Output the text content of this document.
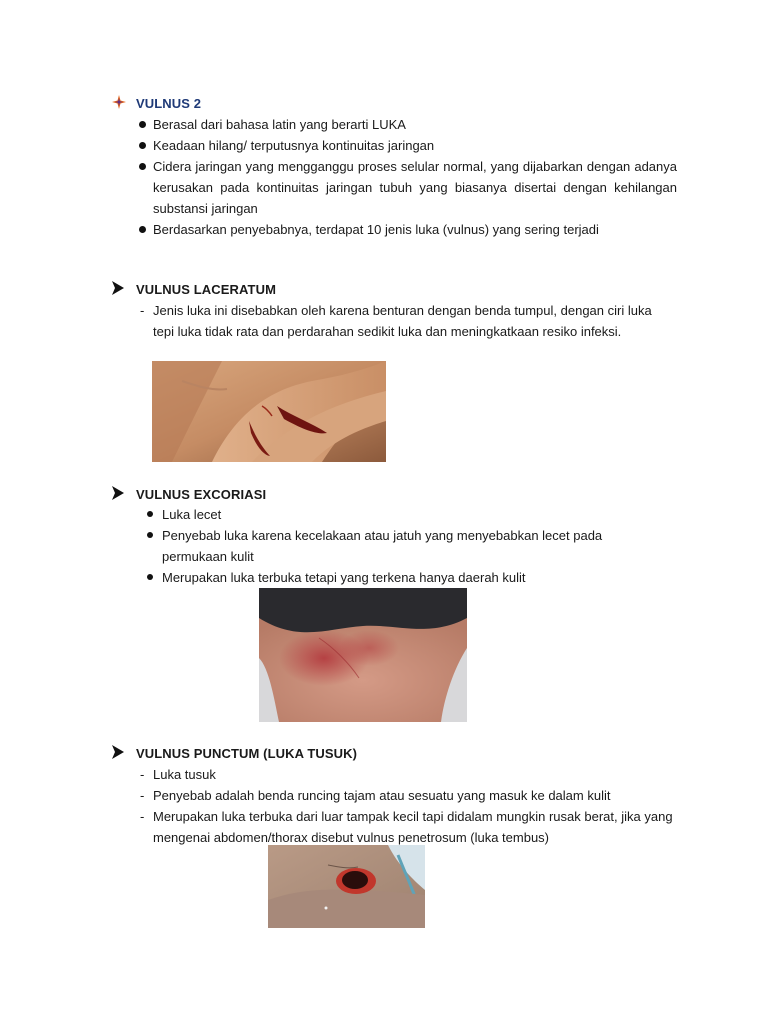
VULNUS 2
Berasal dari bahasa latin yang berarti LUKA
Keadaan hilang/ terputusnya kontinuitas jaringan
Cidera jaringan yang mengganggu proses selular normal, yang dijabarkan dengan adanya kerusakan pada kontinuitas jaringan tubuh yang biasanya disertai dengan kehilangan substansi jaringan
Berdasarkan penyebabnya, terdapat 10 jenis luka (vulnus) yang sering terjadi
VULNUS LACERATUM
- Jenis luka ini disebabkan oleh karena benturan dengan benda tumpul, dengan ciri luka tepi luka tidak rata dan perdarahan sedikit luka dan meningkatkaan resiko infeksi.
VULNUS EXCORIASI
Luka lecet
Penyebab luka karena kecelakaan atau jatuh yang menyebabkan lecet pada permukaan kulit
Merupakan luka terbuka tetapi yang terkena hanya daerah kulit
VULNUS PUNCTUM (LUKA TUSUK)
- Luka tusuk
- Penyebab adalah benda runcing tajam atau sesuatu yang masuk ke dalam kulit
- Merupakan luka terbuka dari luar tampak kecil tapi didalam mungkin rusak berat, jika yang mengenai abdomen/thorax disebut vulnus penetrosum (luka tembus)
